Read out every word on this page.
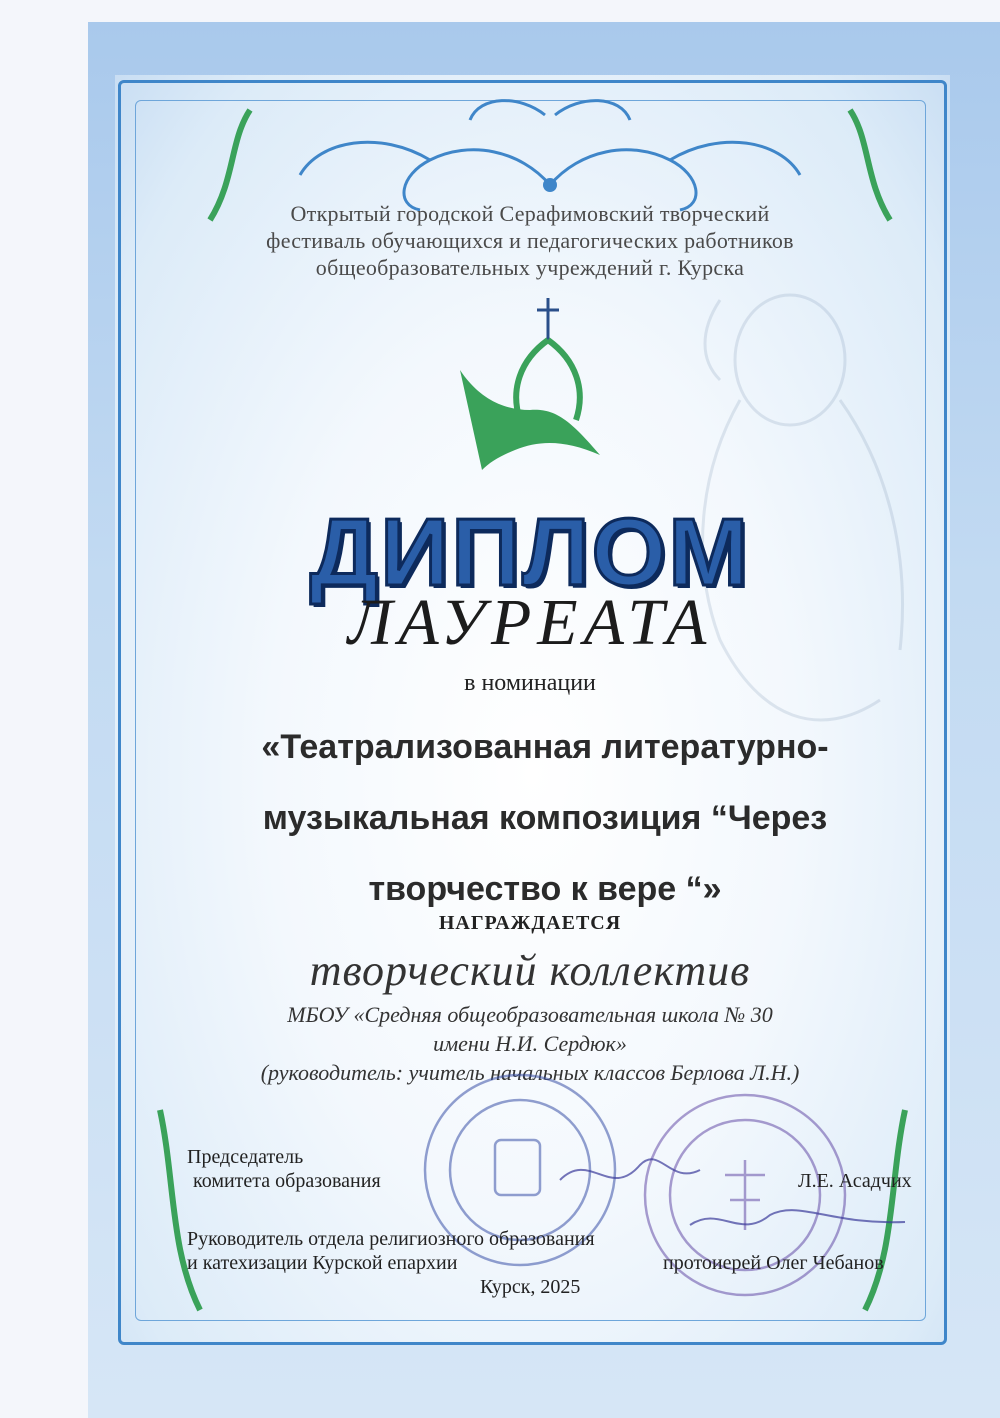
Открытый городской Серафимовский творческий
фестиваль обучающихся и педагогических работников
общеобразовательных учреждений г. Курска
ДИПЛОМ
ЛАУРЕАТА
в номинации
«Театрализованная литературно-
музыкальная композиция “Через
творчество к вере “»
НАГРАЖДАЕТСЯ
творческий коллектив
МБОУ «Средняя общеобразовательная школа № 30
имени Н.И. Сердюк»
(руководитель: учитель начальных классов Берлова Л.Н.)
Председатель
комитета образования	Л.Е. Асадчих
Руководитель отдела религиозного образования
и катехизации Курской епархии	протоиерей Олег Чебанов
Курск, 2025
